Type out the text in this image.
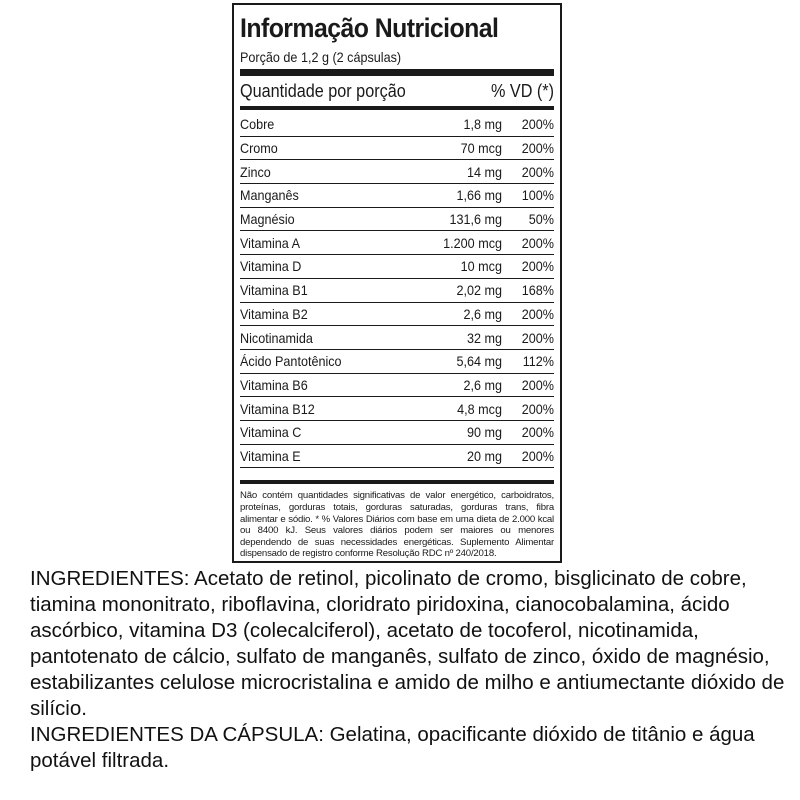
Informação Nutricional
Porção de 1,2 g (2 cápsulas)
Quantidade por porção	% VD (*)
Cobre	1,8 mg	200%
Cromo	70 mcg	200%
Zinco	14 mg	200%
Manganês	1,66 mg	100%
Magnésio	131,6 mg	50%
Vitamina A	1.200 mcg	200%
Vitamina D	10 mcg	200%
Vitamina B1	2,02 mg	168%
Vitamina B2	2,6 mg	200%
Nicotinamida	32 mg	200%
Ácido Pantotênico	5,64 mg	112%
Vitamina B6	2,6 mg	200%
Vitamina B12	4,8 mcg	200%
Vitamina C	90 mg	200%
Vitamina E	20 mg	200%
Não contém quantidades significativas de valor energético, carboidratos, proteínas, gorduras totais, gorduras saturadas, gorduras trans, fibra alimentar e sódio. * % Valores Diários com base em uma dieta de 2.000 kcal ou 8400 kJ. Seus valores diários podem ser maiores ou menores dependendo de suas necessidades energéticas. Suplemento Alimentar dispensado de registro conforme Resolução RDC nº 240/2018.

INGREDIENTES: Acetato de retinol, picolinato de cromo, bisglicinato de cobre, tiamina mononitrato, riboflavina, cloridrato piridoxina, cianocobalamina, ácido ascórbico, vitamina D3 (colecalciferol), acetato de tocoferol, nicotinamida, pantotenato de cálcio, sulfato de manganês, sulfato de zinco, óxido de magnésio, estabilizantes celulose microcristalina e amido de milho e antiumectante dióxido de silício.

INGREDIENTES DA CÁPSULA: Gelatina, opacificante dióxido de titânio e água potável filtrada.
